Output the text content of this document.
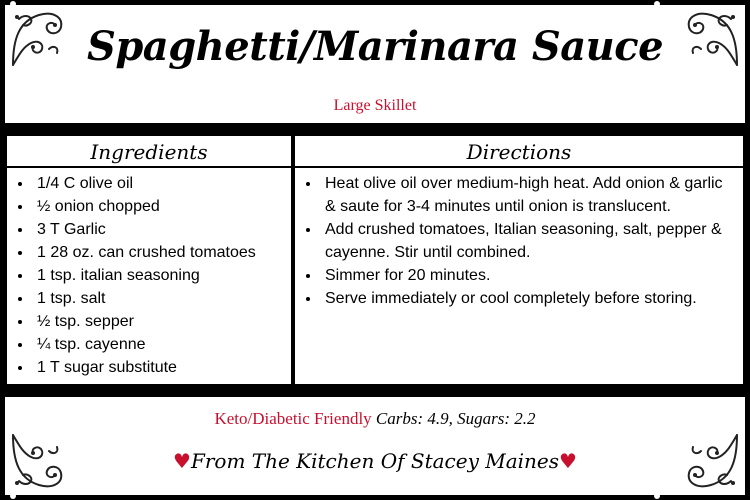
Spaghetti/Marinara Sauce
Large Skillet
Ingredients
• 1/4 C olive oil
• ½ onion chopped
• 3 T Garlic
• 1 28 oz. can crushed tomatoes
• 1 tsp. italian seasoning
• 1 tsp. salt
• ½ tsp. sepper
• ¼ tsp. cayenne
• 1 T sugar substitute
Directions
• Heat olive oil over medium-high heat. Add onion & garlic & saute for 3-4 minutes until onion is translucent.
• Add crushed tomatoes, Italian seasoning, salt, pepper & cayenne. Stir until combined.
• Simmer for 20 minutes.
• Serve immediately or cool completely before storing.
Keto/Diabetic Friendly Carbs: 4.9, Sugars: 2.2
♥From The Kitchen Of Stacey Maines♥
